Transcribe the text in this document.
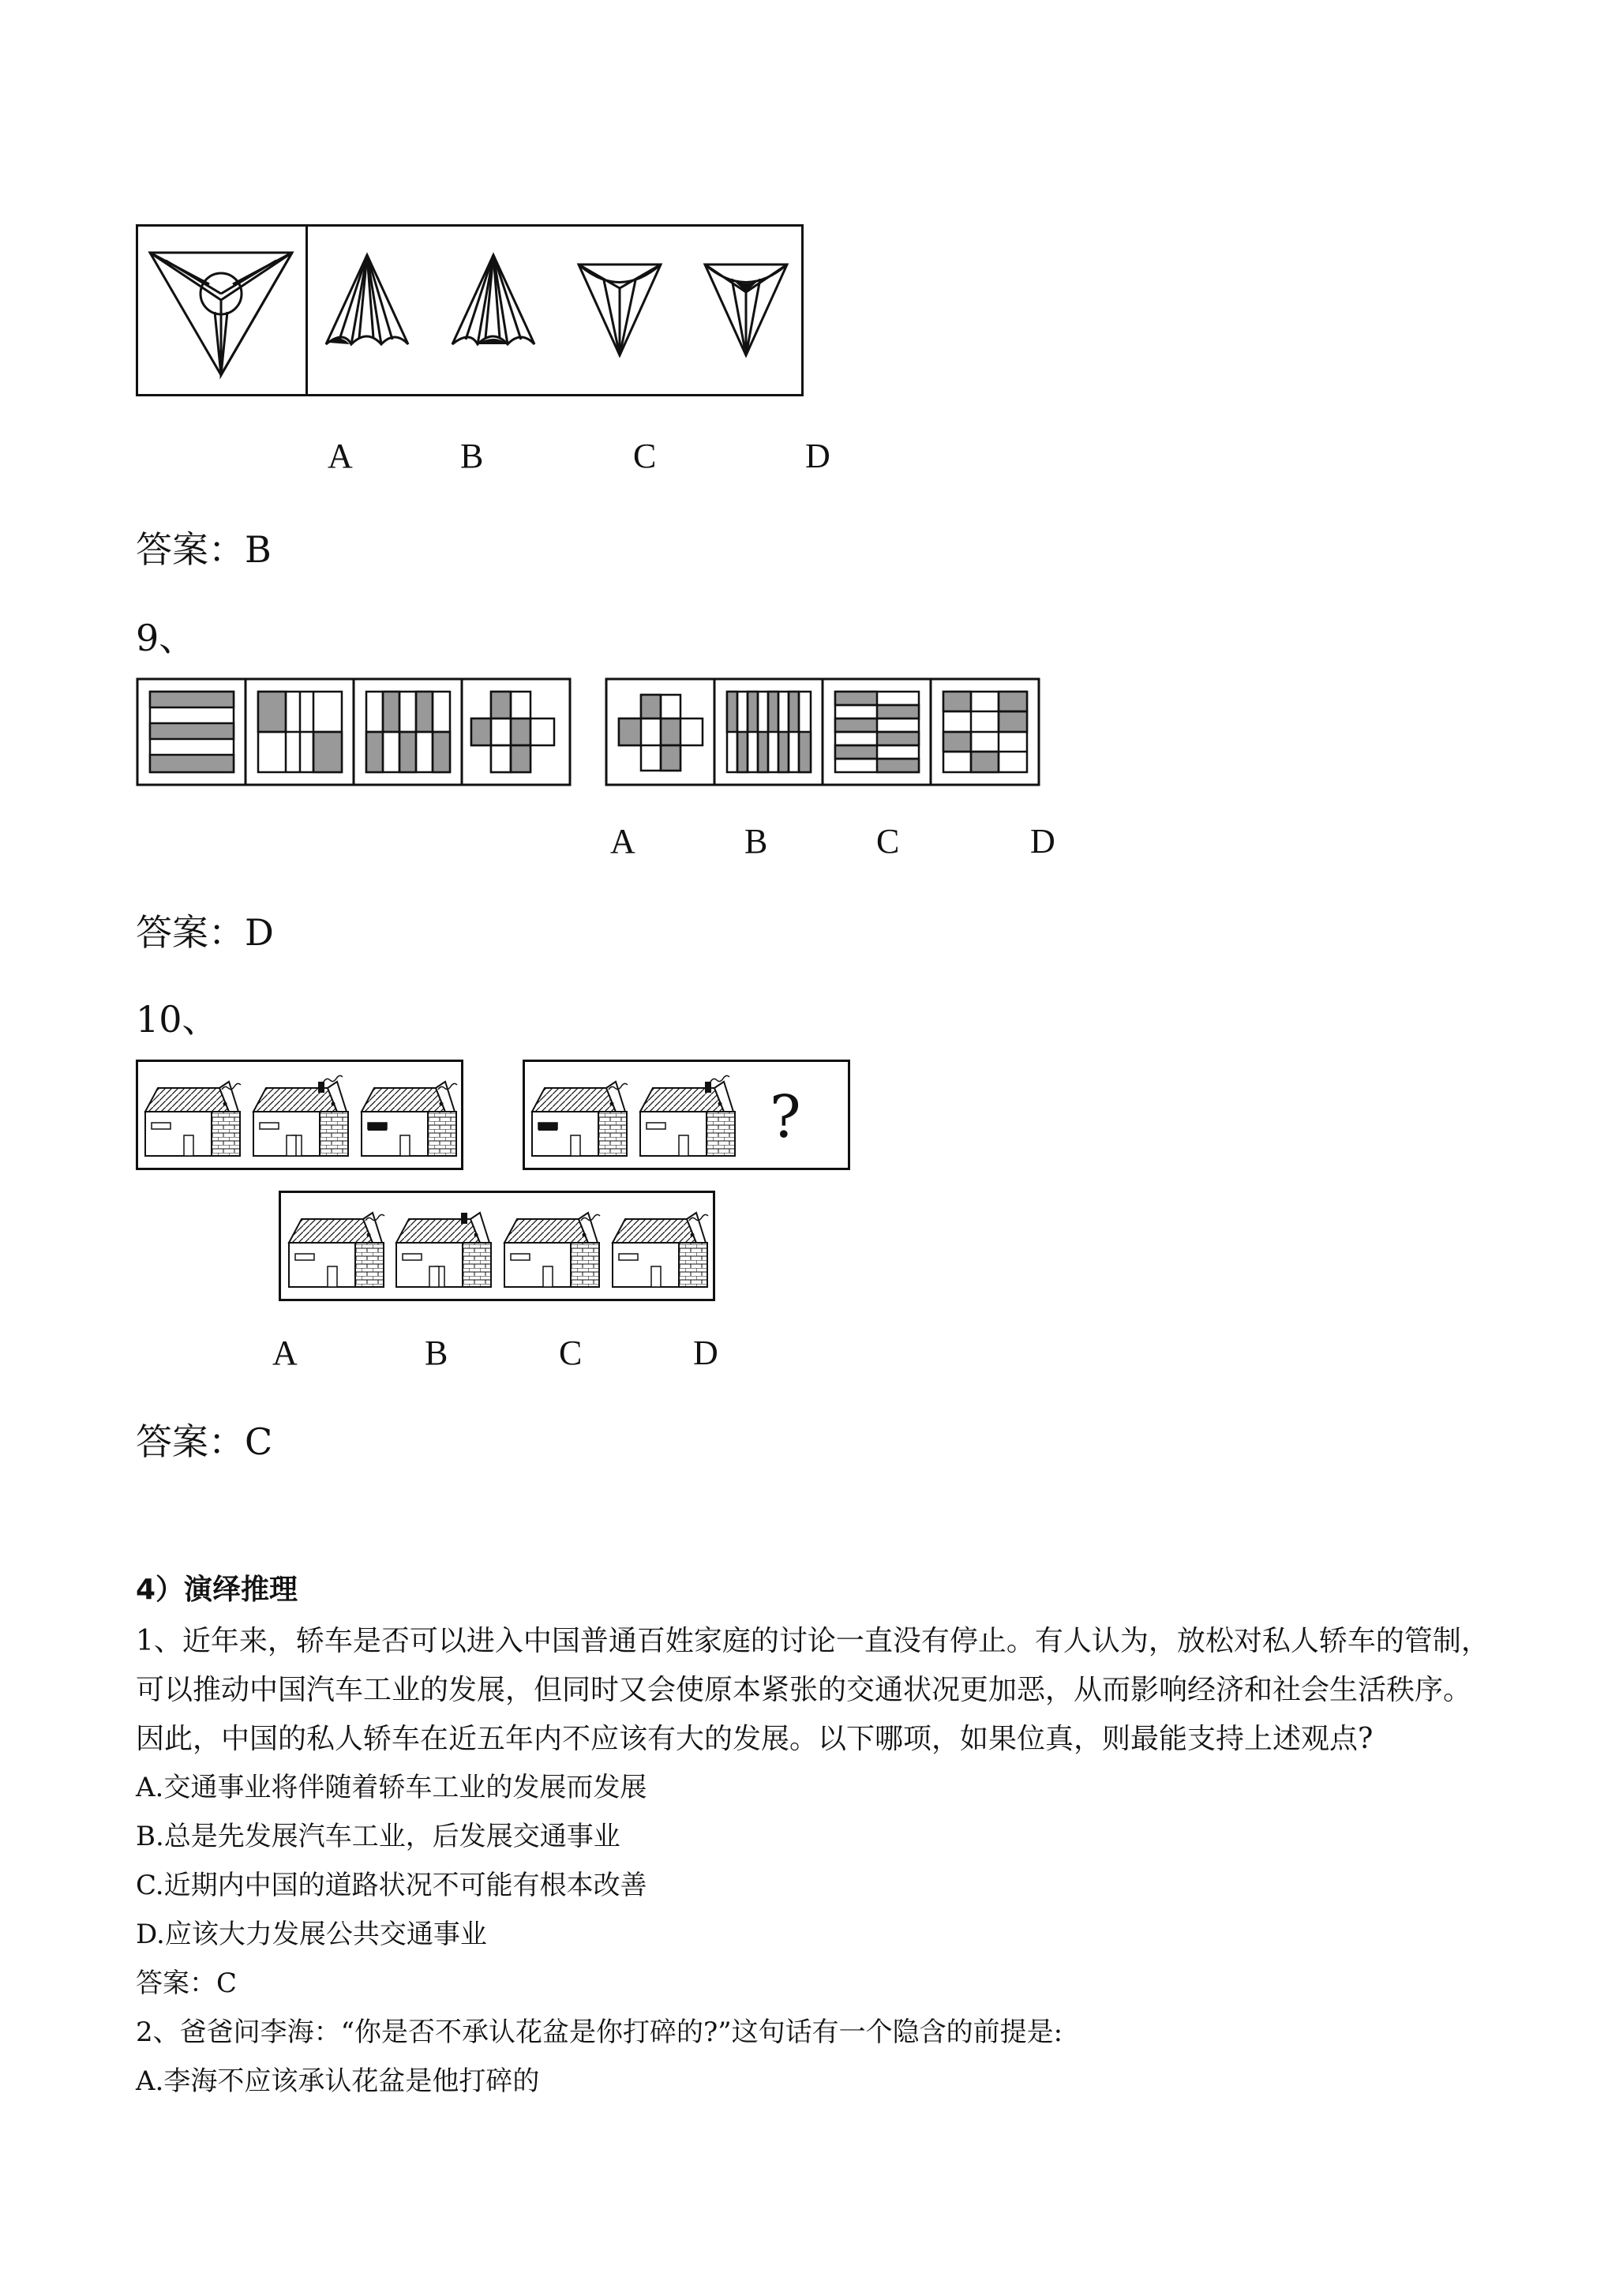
A	B	C	D
答案：B
9、
A	B	C	D
答案：D
10、
?
A	B	C	D
答案：C
4）演绎推理
1、近年来，轿车是否可以进入中国普通百姓家庭的讨论一直没有停止。有人认为，放松对私人轿车的管制，
可以推动中国汽车工业的发展，但同时又会使原本紧张的交通状况更加恶，从而影响经济和社会生活秩序。
因此，中国的私人轿车在近五年内不应该有大的发展。以下哪项，如果位真，则最能支持上述观点?
A.交通事业将伴随着轿车工业的发展而发展
B.总是先发展汽车工业，后发展交通事业
C.近期内中国的道路状况不可能有根本改善
D.应该大力发展公共交通事业
答案：C
2、爸爸问李海：“你是否不承认花盆是你打碎的?”这句话有一个隐含的前提是:
A.李海不应该承认花盆是他打碎的
